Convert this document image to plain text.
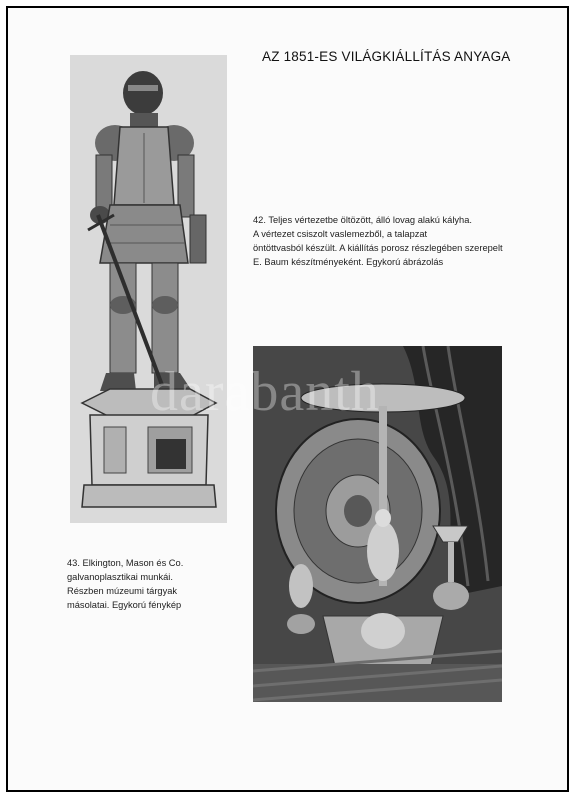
AZ 1851-ES VILÁGKIÁLLÍTÁS ANYAGA
42. Teljes vértezetbe öltözött, álló lovag alakú kályha.
A vértezet csiszolt vaslemezből, a talapzat
öntöttvasból készült. A kiállítás porosz részlegében szerepelt
E. Baum készítményeként. Egykorú ábrázolás
43. Elkington, Mason és Co.
galvanoplasztikai munkái.
Részben múzeumi tárgyak
másolatai. Egykorú fénykép
darabanth
